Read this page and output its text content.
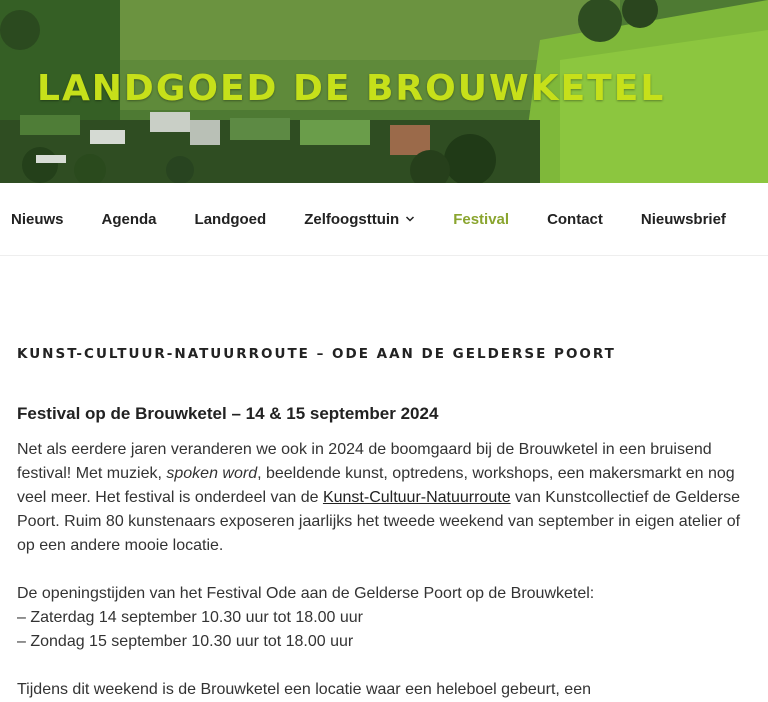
LANDGOED DE BROUWKETEL
Nieuws	Agenda	Landgoed	Zelfoogsttuin	Festival	Contact	Nieuwsbrief
KUNST-CULTUUR-NATUURROUTE – ODE AAN DE GELDERSE POORT
Festival op de Brouwketel – 14 & 15 september 2024

Net als eerdere jaren veranderen we ook in 2024 de boomgaard bij de Brouwketel in een bruisend festival! Met muziek, spoken word, beeldende kunst, optredens, workshops, een makersmarkt en nog veel meer. Het festival is onderdeel van de Kunst-Cultuur-Natuurroute van Kunstcollectief de Gelderse Poort. Ruim 80 kunstenaars exposeren jaarlijks het tweede weekend van september in eigen atelier of op een andere mooie locatie.

De openingstijden van het Festival Ode aan de Gelderse Poort op de Brouwketel:
– Zaterdag 14 september 10.30 uur tot 18.00 uur
– Zondag 15 september 10.30 uur tot 18.00 uur

Tijdens dit weekend is de Brouwketel een locatie waar een heleboel gebeurt, een
